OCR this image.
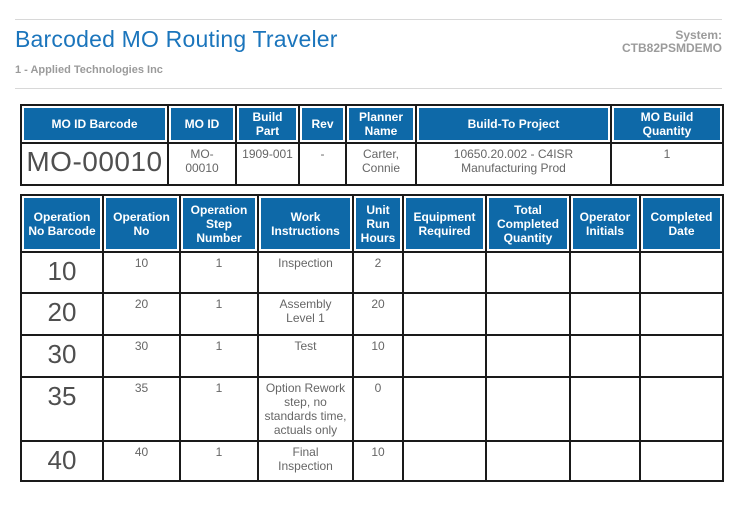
Barcoded MO Routing Traveler	System:
CTB82PSMDEMO
1 - Applied Technologies Inc
MO ID Barcode	MO ID	Build Part	Rev	Planner Name	Build-To Project	MO Build Quantity
MO-00010	MO-00010	1909-001	-	Carter, Connie	10650.20.002 - C4ISR Manufacturing Prod	1
Operation No Barcode	Operation No	Operation Step Number	Work Instructions	Unit Run Hours	Equipment Required	Total Completed Quantity	Operator Initials	Completed Date
10	10	1	Inspection	2				
20	20	1	Assembly Level 1	20				
30	30	1	Test	10				
35	35	1	Option Rework step, no standards time, actuals only	0				
40	40	1	Final Inspection	10				
